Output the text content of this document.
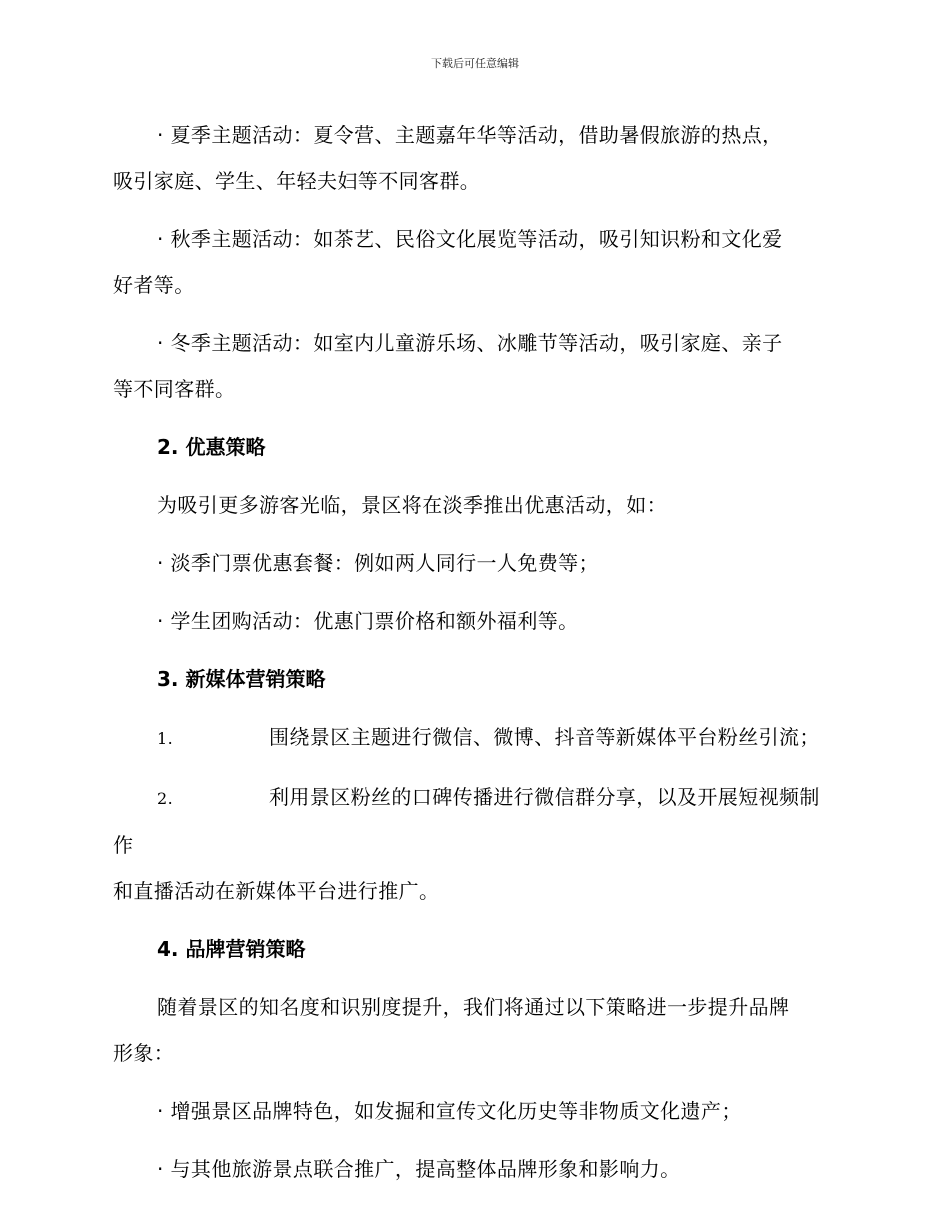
下载后可任意编辑
· 夏季主题活动：夏令营、主题嘉年华等活动，借助暑假旅游的热点，
吸引家庭、学生、年轻夫妇等不同客群。
· 秋季主题活动：如茶艺、民俗文化展览等活动，吸引知识粉和文化爱
好者等。
· 冬季主题活动：如室内儿童游乐场、冰雕节等活动，吸引家庭、亲子
等不同客群。
2. 优惠策略
为吸引更多游客光临，景区将在淡季推出优惠活动，如：
· 淡季门票优惠套餐：例如两人同行一人免费等；
· 学生团购活动：优惠门票价格和额外福利等。
3. 新媒体营销策略
1.	围绕景区主题进行微信、微博、抖音等新媒体平台粉丝引流；
2.	利用景区粉丝的口碑传播进行微信群分享，以及开展短视频制作
和直播活动在新媒体平台进行推广。
4. 品牌营销策略
随着景区的知名度和识别度提升，我们将通过以下策略进一步提升品牌
形象：
· 增强景区品牌特色，如发掘和宣传文化历史等非物质文化遗产；
· 与其他旅游景点联合推广，提高整体品牌形象和影响力。
